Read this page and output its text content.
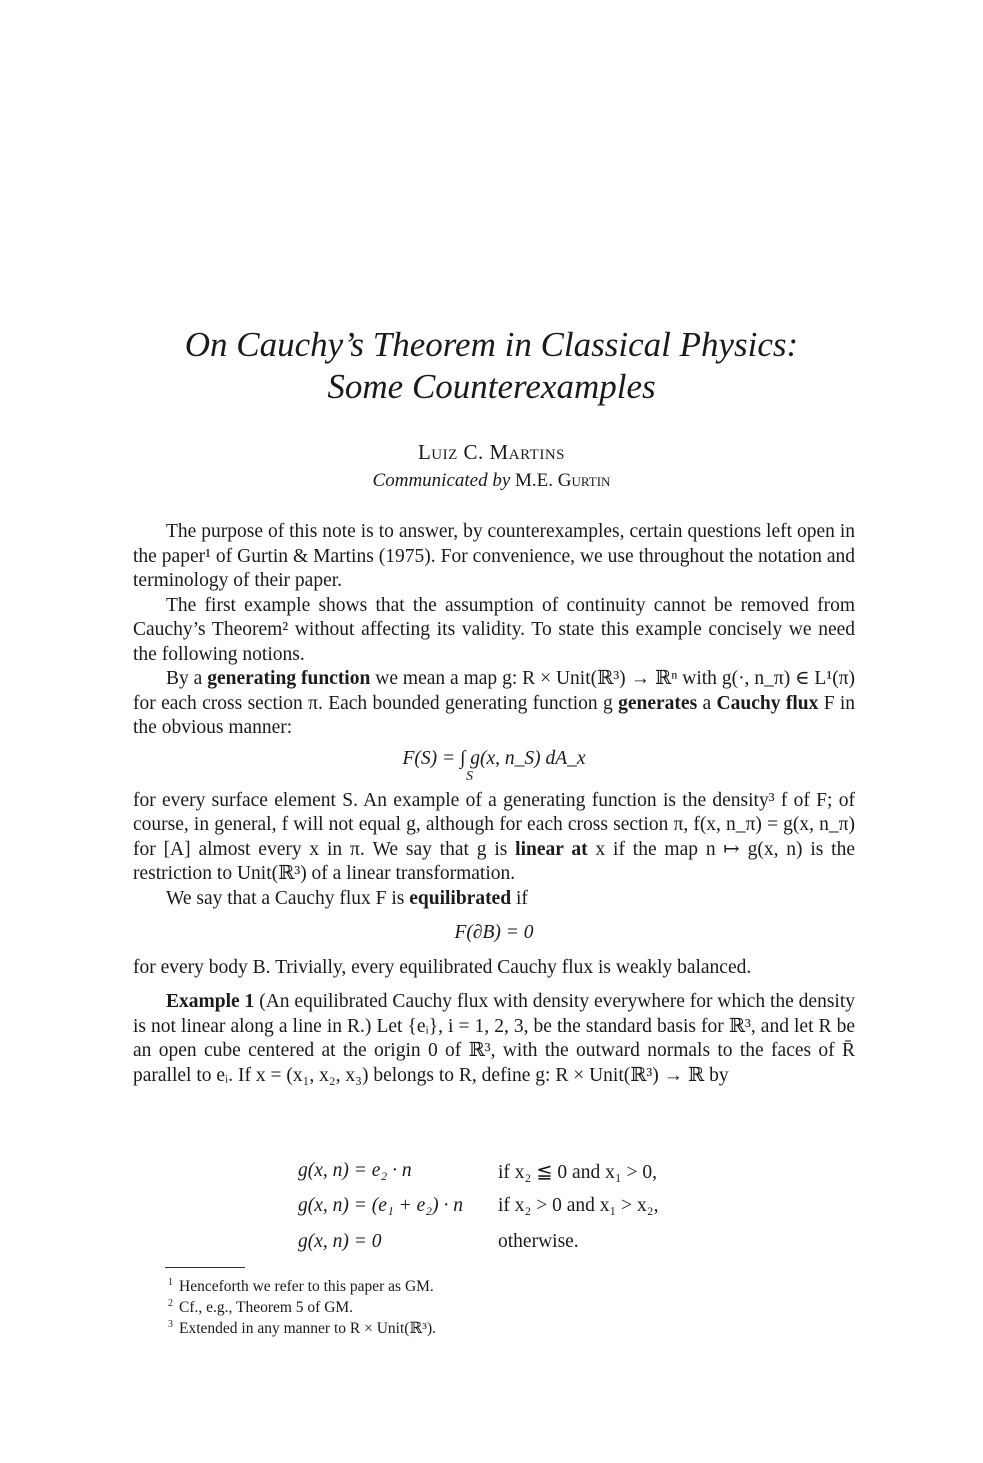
On Cauchy’s Theorem in Classical Physics:
Some Counterexamples
Luiz C. Martins
Communicated by M.E. Gurtin

The purpose of this note is to answer, by counterexamples, certain questions left open in the paper¹ of Gurtin & Martins (1975). For convenience, we use throughout the notation and terminology of their paper.

The first example shows that the assumption of continuity cannot be removed from Cauchy’s Theorem² without affecting its validity. To state this example concisely we need the following notions.

By a generating function we mean a map g: R × Unit(ℝ³) → ℝⁿ with g(·, n_π) ∈ L¹(π) for each cross section π. Each bounded generating function g generates a Cauchy flux F in the obvious manner:

F(S) = ∫ g(x, n_S) dA_x

S

for every surface element S. An example of a generating function is the density³ f of F; of course, in general, f will not equal g, although for each cross section π, f(x, n_π) = g(x, n_π) for [A] almost every x in π. We say that g is linear at x if the map n ↦ g(x, n) is the restriction to Unit(ℝ³) of a linear transformation.

We say that a Cauchy flux F is equilibrated if

F(∂B) = 0

for every body B. Trivially, every equilibrated Cauchy flux is weakly balanced.

Example 1 (An equilibrated Cauchy flux with density everywhere for which the density is not linear along a line in R.) Let {eᵢ}, i = 1, 2, 3, be the standard basis for ℝ³, and let R be an open cube centered at the origin 0 of ℝ³, with the outward normals to the faces of R̄ parallel to eᵢ. If x = (x₁, x₂, x₃) belongs to R, define g: R × Unit(ℝ³) → ℝ by

g(x, n) = e₂ · n	if x₂ ≦ 0 and x₁ > 0,
g(x, n) = (e₁ + e₂) · n if x₂ > 0 and x₁ > x₂,
g(x, n) = 0	otherwise.
$^1$ Henceforth we refer to this paper as GM.
$^2$ Cf., e.g., Theorem 5 of GM.
$^3$ Extended in any manner to R × Unit(ℝ³).
